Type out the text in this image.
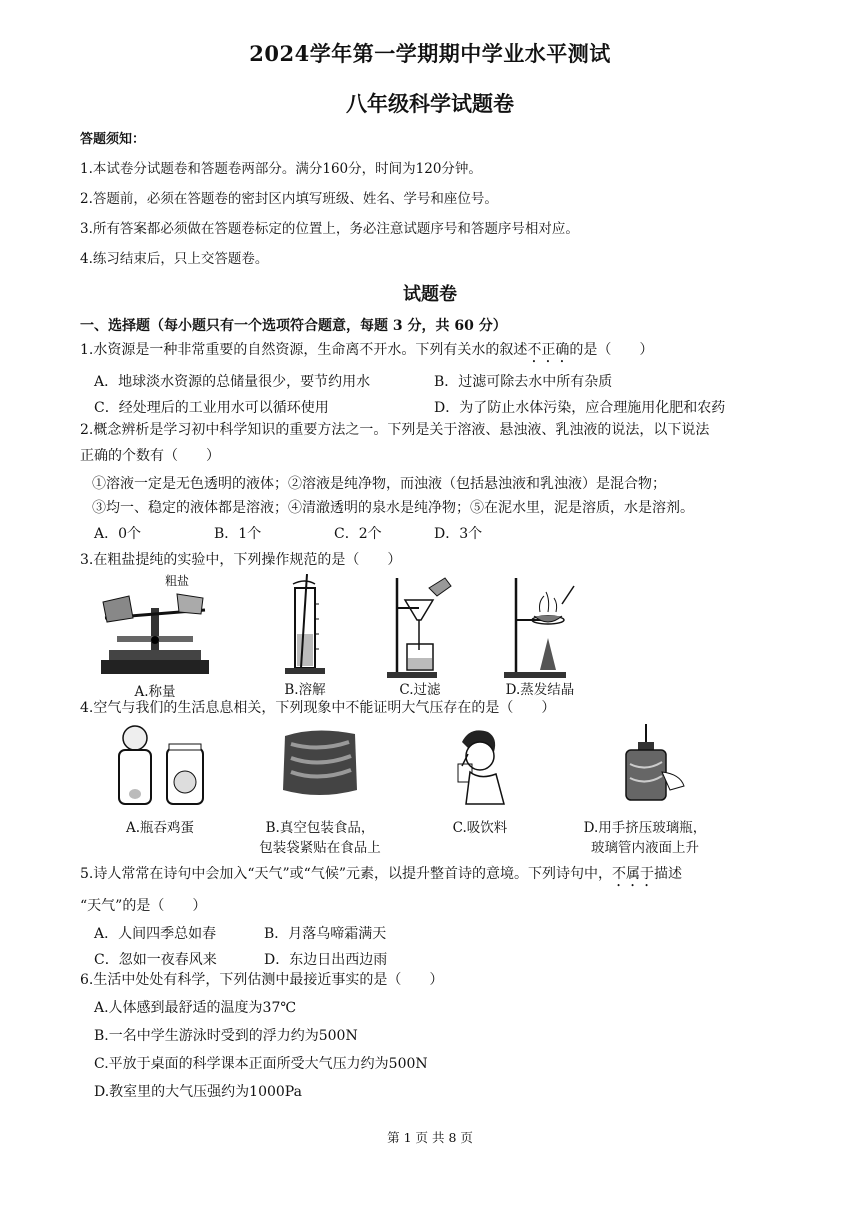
2024学年第一学期期中学业水平测试
八年级科学试题卷
答题须知：
1.本试卷分试题卷和答题卷两部分。满分160分，时间为120分钟。
2.答题前，必须在答题卷的密封区内填写班级、姓名、学号和座位号。
3.所有答案都必须做在答题卷标定的位置上，务必注意试题序号和答题序号相对应。
4.练习结束后，只上交答题卷。
试题卷
一、选择题（每小题只有一个选项符合题意，每题 3 分，共 60 分）
1.水资源是一种非常重要的自然资源，生命离不开水。下列有关水的叙述不正确的是（　　）
A．地球淡水资源的总储量很少，要节约用水	B．过滤可除去水中所有杂质
C．经处理后的工业用水可以循环使用	D．为了防止水体污染，应合理施用化肥和农药
2.概念辨析是学习初中科学知识的重要方法之一。下列是关于溶液、悬浊液、乳浊液的说法，以下说法
正确的个数有（　　）
①溶液一定是无色透明的液体；②溶液是纯净物，而浊液（包括悬浊液和乳浊液）是混合物；
③均一、稳定的液体都是溶液；④清澈透明的泉水是纯净物；⑤在泥水里，泥是溶质，水是溶剂。
A．0个	B．1个	C．2个	D．3个
3.在粗盐提纯的实验中，下列操作规范的是（　　）
粗盐
A.称量	B.溶解	C.过滤	D.蒸发结晶
4.空气与我们的生活息息相关，下列现象中不能证明大气压存在的是（　　）
A.瓶吞鸡蛋	B.真空包装食品，
包装袋紧贴在食品上
C.吸饮料	D.用手挤压玻璃瓶，
玻璃管内液面上升
5.诗人常常在诗句中会加入“天气”或“气候”元素，以提升整首诗的意境。下列诗句中，不属于描述
“天气”的是（　　）
A．人间四季总如春	B．月落乌啼霜满天
C．忽如一夜春风来	D．东边日出西边雨
6.生活中处处有科学，下列估测中最接近事实的是（　　）
A.人体感到最舒适的温度为37℃
B.一名中学生游泳时受到的浮力约为500N
C.平放于桌面的科学课本正面所受大气压力约为500N
D.教室里的大气压强约为1000Pa
第 1 页 共 8 页
